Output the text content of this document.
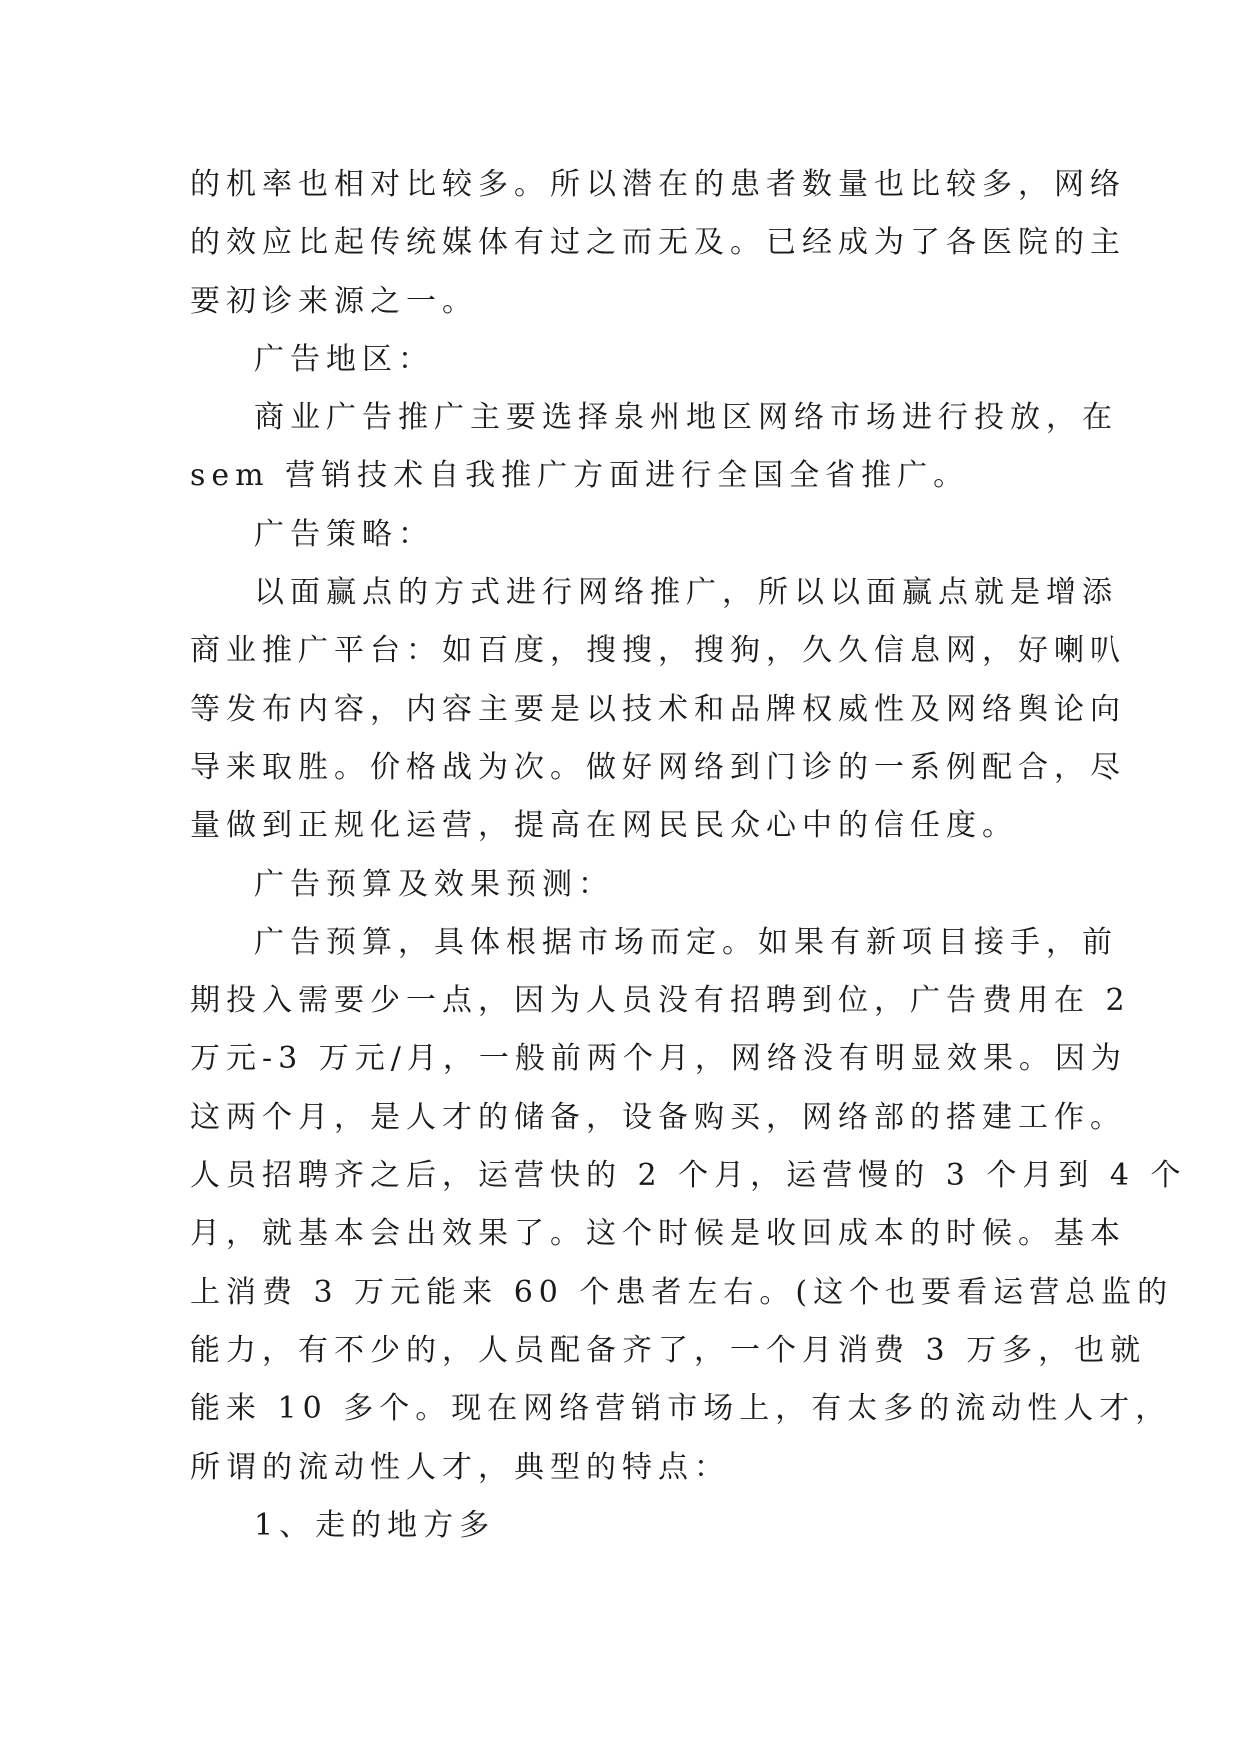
的机率也相对比较多。所以潜在的患者数量也比较多，网络
的效应比起传统媒体有过之而无及。已经成为了各医院的主
要初诊来源之一。
广告地区：
商业广告推广主要选择泉州地区网络市场进行投放，在
sem 营销技术自我推广方面进行全国全省推广。
广告策略：
以面赢点的方式进行网络推广，所以以面赢点就是增添
商业推广平台：如百度，搜搜，搜狗，久久信息网，好喇叭
等发布内容，内容主要是以技术和品牌权威性及网络舆论向
导来取胜。价格战为次。做好网络到门诊的一系例配合，尽
量做到正规化运营，提高在网民民众心中的信任度。
广告预算及效果预测：
广告预算，具体根据市场而定。如果有新项目接手，前
期投入需要少一点，因为人员没有招聘到位，广告费用在 2
万元-3 万元/月，一般前两个月，网络没有明显效果。因为
这两个月，是人才的储备，设备购买，网络部的搭建工作。
人员招聘齐之后，运营快的 2 个月，运营慢的 3 个月到 4 个
月，就基本会出效果了。这个时候是收回成本的时候。基本
上消费 3 万元能来 60 个患者左右。(这个也要看运营总监的
能力，有不少的，人员配备齐了，一个月消费 3 万多，也就
能来 10 多个。现在网络营销市场上，有太多的流动性人才，
所谓的流动性人才，典型的特点：
1、走的地方多
